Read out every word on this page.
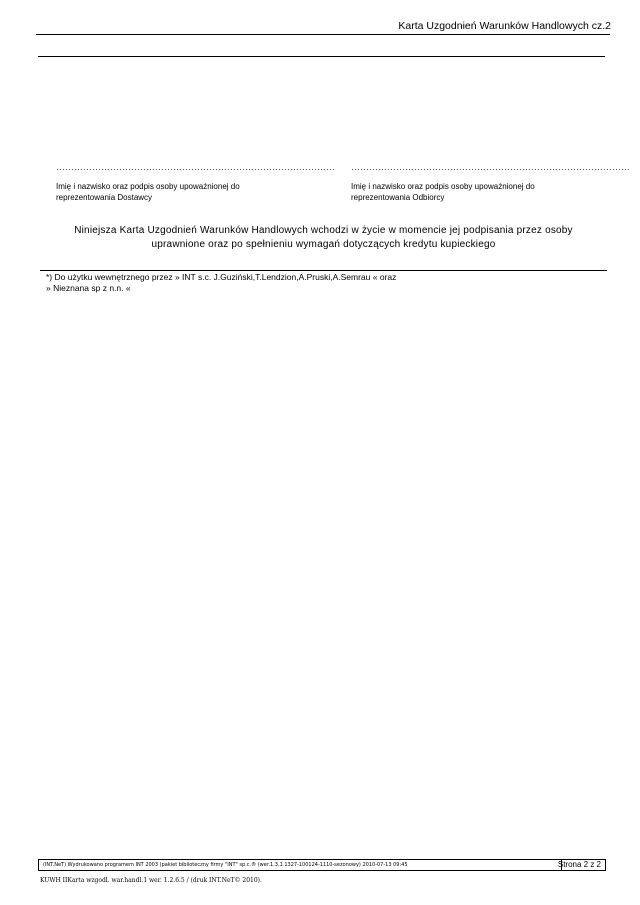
Karta Uzgodnień Warunków Handlowych cz.2
…………………………………………………………………………………
Imię i nazwisko oraz podpis osoby upoważnionej do reprezentowania Dostawcy
…………………………………………………………………………………
Imię i nazwisko oraz podpis osoby upoważnionej do reprezentowania Odbiorcy
Niniejsza Karta Uzgodnień Warunków Handlowych wchodzi w życie w momencie jej podpisania przez osoby
uprawnione oraz po spełnieniu wymagań dotyczących kredytu kupieckiego
*) Do użytku wewnętrznego przez » INT s.c. J.Guziński,T.Lendzion,A.Pruski,A.Semrau « oraz
» Nieznana sp z n.n. «
(INT.NeT) Wydrukowano programem INT 2003 (pakiet biblioteczny firmy "INT" sp.c.® (wer.1.3.1.1327-100124-1110-sezonowy) 2010-07-13 09:45	Strona 2 z 2
KUWH IIKarta wzgodl. war.handl.1 wer. 1.2.6.5 / (druk INT.NeT© 2010).
